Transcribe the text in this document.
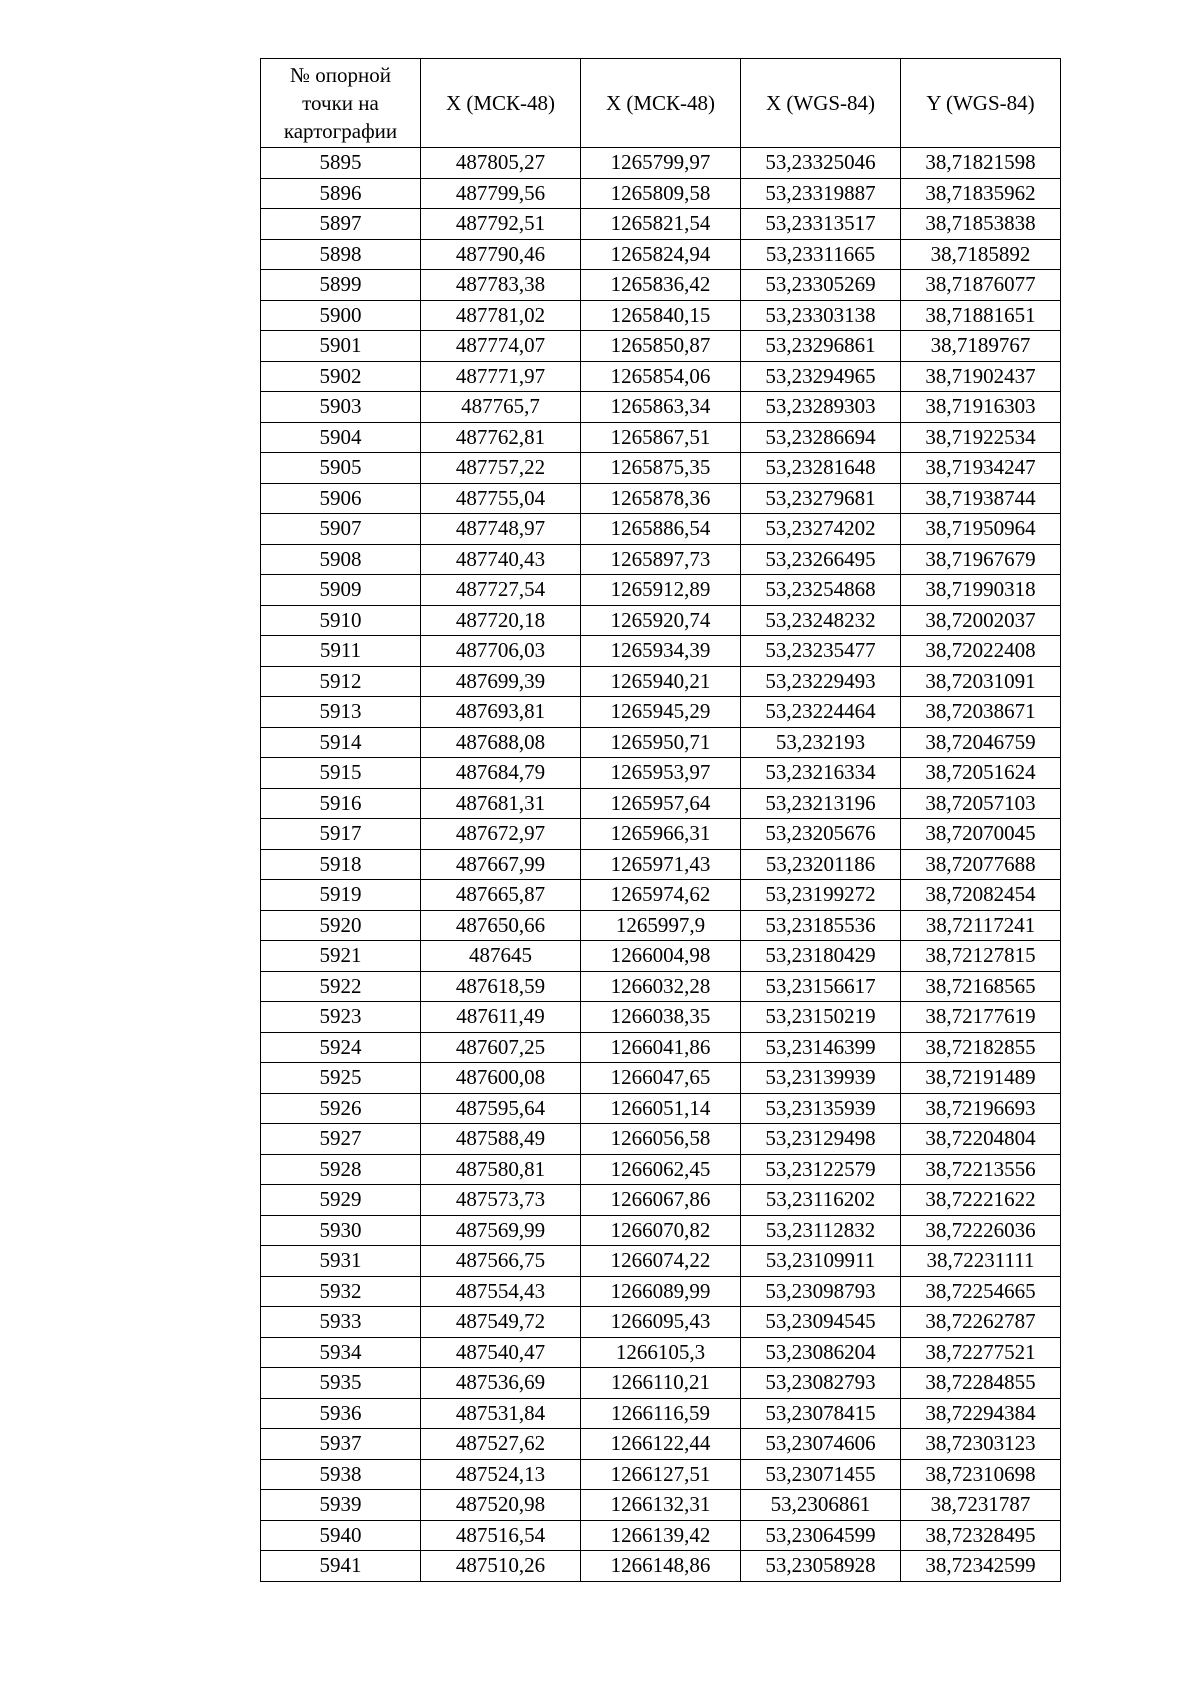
№ опорной точки на картографии	X (МСК-48)	X (МСК-48)	X (WGS-84)	Y (WGS-84)
5895	487805,27	1265799,97	53,23325046	38,71821598
5896	487799,56	1265809,58	53,23319887	38,71835962
5897	487792,51	1265821,54	53,23313517	38,71853838
5898	487790,46	1265824,94	53,23311665	38,7185892
5899	487783,38	1265836,42	53,23305269	38,71876077
5900	487781,02	1265840,15	53,23303138	38,71881651
5901	487774,07	1265850,87	53,23296861	38,7189767
5902	487771,97	1265854,06	53,23294965	38,71902437
5903	487765,7	1265863,34	53,23289303	38,71916303
5904	487762,81	1265867,51	53,23286694	38,71922534
5905	487757,22	1265875,35	53,23281648	38,71934247
5906	487755,04	1265878,36	53,23279681	38,71938744
5907	487748,97	1265886,54	53,23274202	38,71950964
5908	487740,43	1265897,73	53,23266495	38,71967679
5909	487727,54	1265912,89	53,23254868	38,71990318
5910	487720,18	1265920,74	53,23248232	38,72002037
5911	487706,03	1265934,39	53,23235477	38,72022408
5912	487699,39	1265940,21	53,23229493	38,72031091
5913	487693,81	1265945,29	53,23224464	38,72038671
5914	487688,08	1265950,71	53,232193	38,72046759
5915	487684,79	1265953,97	53,23216334	38,72051624
5916	487681,31	1265957,64	53,23213196	38,72057103
5917	487672,97	1265966,31	53,23205676	38,72070045
5918	487667,99	1265971,43	53,23201186	38,72077688
5919	487665,87	1265974,62	53,23199272	38,72082454
5920	487650,66	1265997,9	53,23185536	38,72117241
5921	487645	1266004,98	53,23180429	38,72127815
5922	487618,59	1266032,28	53,23156617	38,72168565
5923	487611,49	1266038,35	53,23150219	38,72177619
5924	487607,25	1266041,86	53,23146399	38,72182855
5925	487600,08	1266047,65	53,23139939	38,72191489
5926	487595,64	1266051,14	53,23135939	38,72196693
5927	487588,49	1266056,58	53,23129498	38,72204804
5928	487580,81	1266062,45	53,23122579	38,72213556
5929	487573,73	1266067,86	53,23116202	38,72221622
5930	487569,99	1266070,82	53,23112832	38,72226036
5931	487566,75	1266074,22	53,23109911	38,72231111
5932	487554,43	1266089,99	53,23098793	38,72254665
5933	487549,72	1266095,43	53,23094545	38,72262787
5934	487540,47	1266105,3	53,23086204	38,72277521
5935	487536,69	1266110,21	53,23082793	38,72284855
5936	487531,84	1266116,59	53,23078415	38,72294384
5937	487527,62	1266122,44	53,23074606	38,72303123
5938	487524,13	1266127,51	53,23071455	38,72310698
5939	487520,98	1266132,31	53,2306861	38,7231787
5940	487516,54	1266139,42	53,23064599	38,72328495
5941	487510,26	1266148,86	53,23058928	38,72342599
